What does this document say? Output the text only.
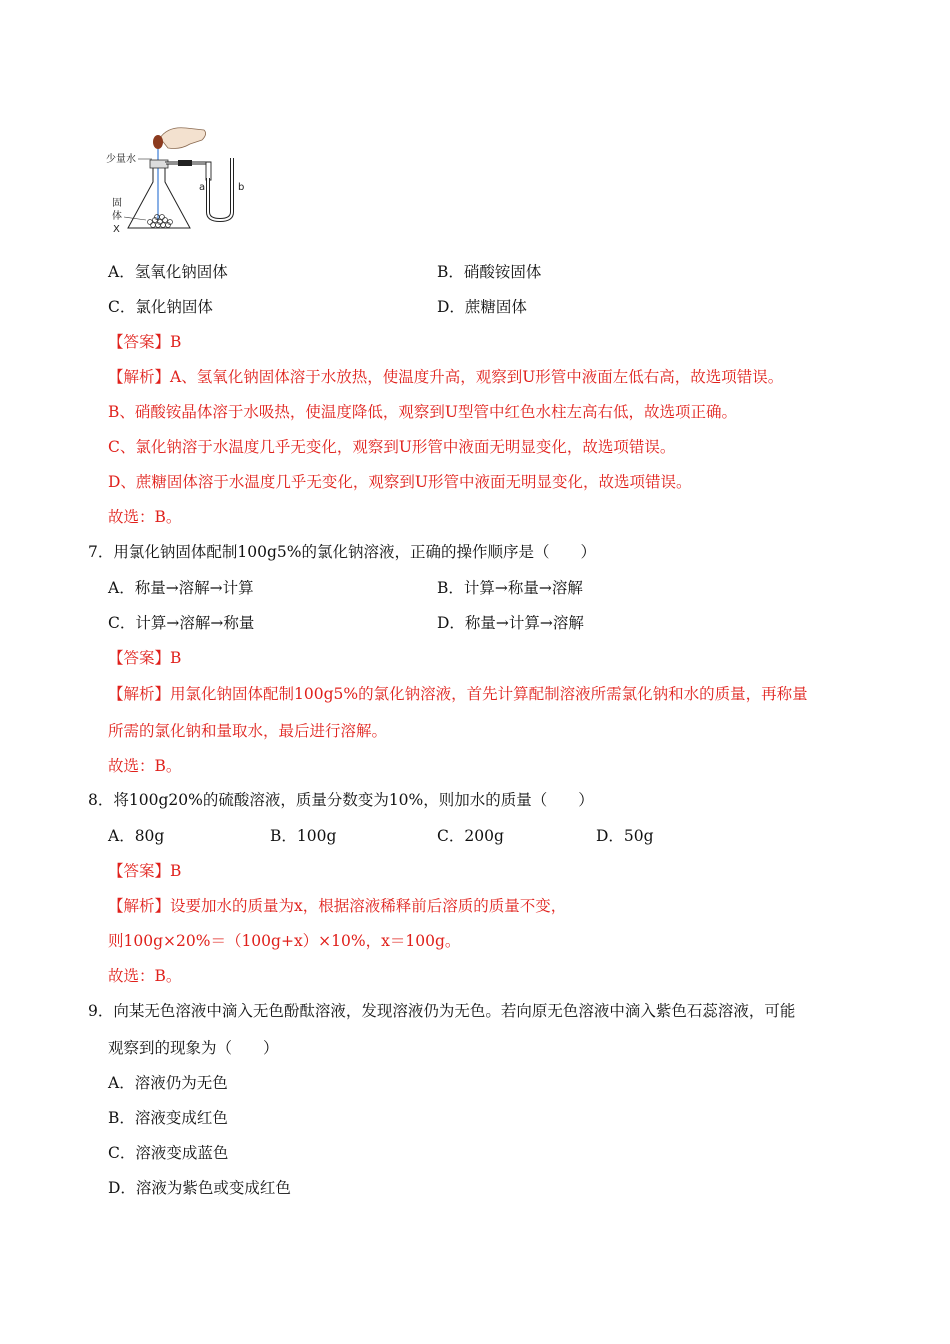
少量水
固
体
X
a	b
A．氢氧化钠固体	B．硝酸铵固体
C．氯化钠固体	D．蔗糖固体
【答案】B
【解析】A、氢氧化钠固体溶于水放热，使温度升高，观察到U形管中液面左低右高，故选项错误。
B、硝酸铵晶体溶于水吸热，使温度降低，观察到U型管中红色水柱左高右低，故选项正确。
C、氯化钠溶于水温度几乎无变化，观察到U形管中液面无明显变化，故选项错误。
D、蔗糖固体溶于水温度几乎无变化，观察到U形管中液面无明显变化，故选项错误。
故选：B。
7．用氯化钠固体配制100g5%的氯化钠溶液，正确的操作顺序是（　　）
A．称量→溶解→计算	B．计算→称量→溶解
C．计算→溶解→称量	D．称量→计算→溶解
【答案】B
【解析】用氯化钠固体配制100g5%的氯化钠溶液，首先计算配制溶液所需氯化钠和水的质量，再称量
所需的氯化钠和量取水，最后进行溶解。
故选：B。
8．将100g20%的硫酸溶液，质量分数变为10%，则加水的质量（　　）
A．80g	B．100g	C．200g	D．50g
【答案】B
【解析】设要加水的质量为x，根据溶液稀释前后溶质的质量不变，
则100g×20%＝（100g+x）×10%，x＝100g。
故选：B。
9．向某无色溶液中滴入无色酚酞溶液，发现溶液仍为无色。若向原无色溶液中滴入紫色石蕊溶液，可能
观察到的现象为（　　）
A．溶液仍为无色
B．溶液变成红色
C．溶液变成蓝色
D．溶液为紫色或变成红色
